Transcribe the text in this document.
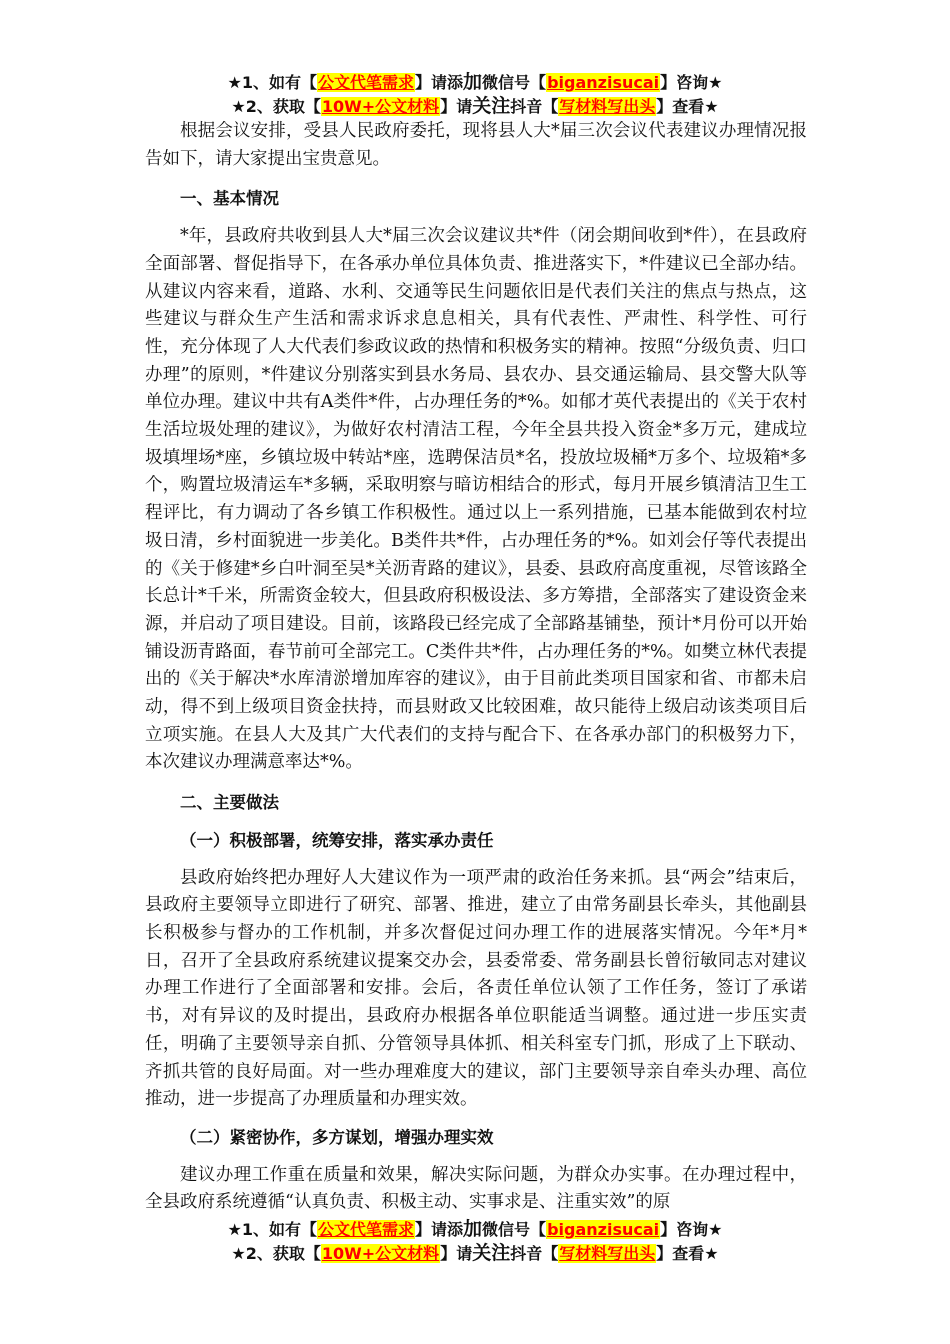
★1、如有【公文代笔需求】请添加微信号【biganzisucai】咨询★
★2、获取【10W+公文材料】请关注抖音【写材料写出头】查看★

根据会议安排，受县人民政府委托，现将县人大*届三次会议代表建议办理情况报告如下，请大家提出宝贵意见。

一、基本情况

*年，县政府共收到县人大*届三次会议建议共*件（闭会期间收到*件），在县政府全面部署、督促指导下，在各承办单位具体负责、推进落实下，*件建议已全部办结。从建议内容来看，道路、水利、交通等民生问题依旧是代表们关注的焦点与热点，这些建议与群众生产生活和需求诉求息息相关，具有代表性、严肃性、科学性、可行性，充分体现了人大代表们参政议政的热情和积极务实的精神。按照“分级负责、归口办理”的原则，*件建议分别落实到县水务局、县农办、县交通运输局、县交警大队等单位办理。建议中共有A类件*件，占办理任务的*%。如郁才英代表提出的《关于农村生活垃圾处理的建议》，为做好农村清洁工程，今年全县共投入资金*多万元，建成垃圾填埋场*座，乡镇垃圾中转站*座，选聘保洁员*名，投放垃圾桶*万多个、垃圾箱*多个，购置垃圾清运车*多辆，采取明察与暗访相结合的形式，每月开展乡镇清洁卫生工程评比，有力调动了各乡镇工作积极性。通过以上一系列措施，已基本能做到农村垃圾日清，乡村面貌进一步美化。B类件共*件，占办理任务的*%。如刘会仔等代表提出的《关于修建*乡白叶洞至吴*关沥青路的建议》，县委、县政府高度重视，尽管该路全长总计*千米，所需资金较大，但县政府积极设法、多方筹措，全部落实了建设资金来源，并启动了项目建设。目前，该路段已经完成了全部路基铺垫，预计*月份可以开始铺设沥青路面，春节前可全部完工。C类件共*件，占办理任务的*%。如樊立林代表提出的《关于解决*水库清淤增加库容的建议》，由于目前此类项目国家和省、市都未启动，得不到上级项目资金扶持，而县财政又比较困难，故只能待上级启动该类项目后立项实施。在县人大及其广大代表们的支持与配合下、在各承办部门的积极努力下，本次建议办理满意率达*%。

二、主要做法

（一）积极部署，统筹安排，落实承办责任

县政府始终把办理好人大建议作为一项严肃的政治任务来抓。县“两会”结束后，县政府主要领导立即进行了研究、部署、推进，建立了由常务副县长牵头，其他副县长积极参与督办的工作机制，并多次督促过问办理工作的进展落实情况。今年*月*日，召开了全县政府系统建议提案交办会，县委常委、常务副县长曾衍敏同志对建议办理工作进行了全面部署和安排。会后，各责任单位认领了工作任务，签订了承诺书，对有异议的及时提出，县政府办根据各单位职能适当调整。通过进一步压实责任，明确了主要领导亲自抓、分管领导具体抓、相关科室专门抓，形成了上下联动、齐抓共管的良好局面。对一些办理难度大的建议，部门主要领导亲自牵头办理、高位推动，进一步提高了办理质量和办理实效。

（二）紧密协作，多方谋划，增强办理实效

建议办理工作重在质量和效果，解决实际问题，为群众办实事。在办理过程中，全县政府系统遵循“认真负责、积极主动、实事求是、注重实效”的原

★1、如有【公文代笔需求】请添加微信号【biganzisucai】咨询★
★2、获取【10W+公文材料】请关注抖音【写材料写出头】查看★
